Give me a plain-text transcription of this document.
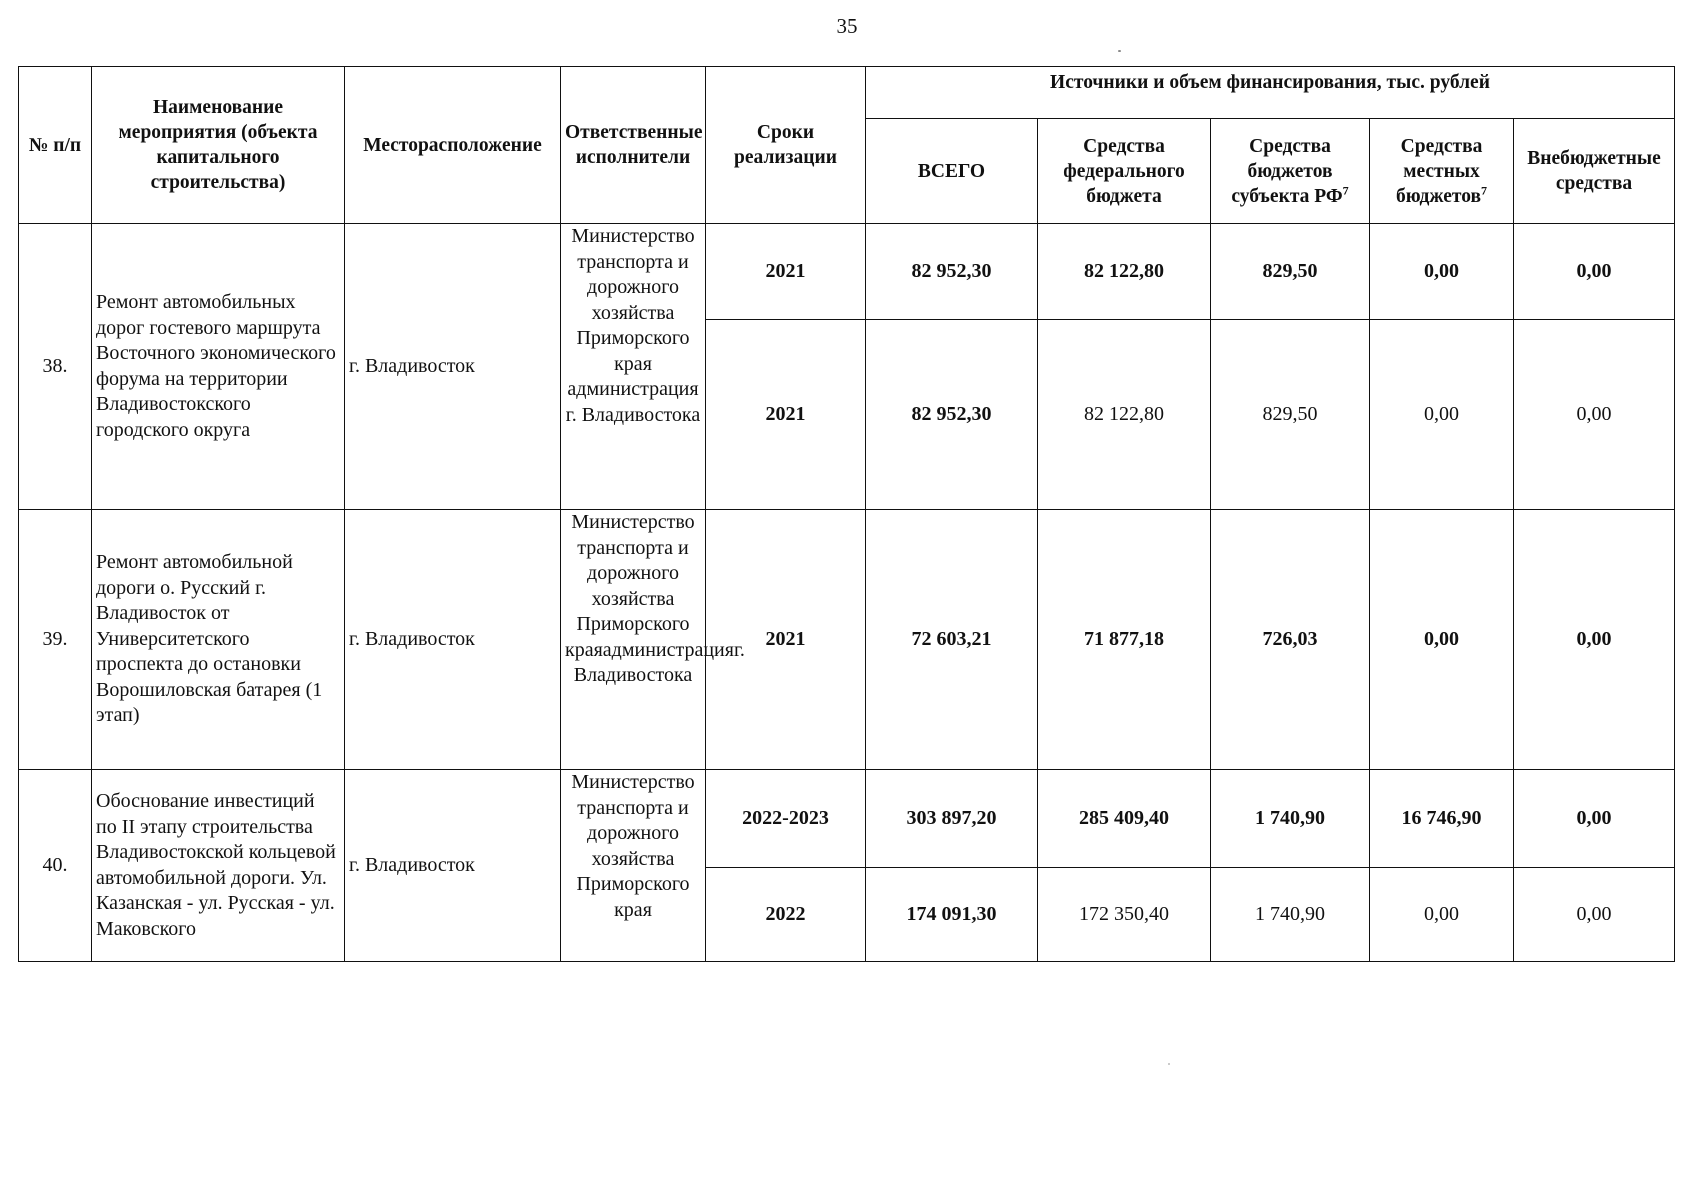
35
№ п/п	Наименование мероприятия (объекта капитального строительства)	Месторасположение	Ответственные исполнители	Сроки реализации	Источники и объем финансирования, тыс. рублей				
					ВСЕГО	Средства федерального бюджета	Средства бюджетов субъекта $РФ^7$	Средства местных бюджетов$^7$	Внебюджетные средства
38.	Ремонт автомобильных дорог гостевого маршрута Восточного экономического форума на территории Владивостокского городского округа	г. Владивосток	Министерство транспорта и дорожного хозяйства Приморского края администрация г. Владивостока	2021	82 952,30	82 122,80	829,50	0,00	0,00
				2021	82 952,30	82 122,80	829,50	0,00	0,00
39.	Ремонт автомобильной дороги о. Русский г. Владивосток от Университетского проспекта до остановки Ворошиловская батарея (1 этап)	г. Владивосток	Министерство транспорта и дорожного хозяйства Приморского краяадминистрацияг. Владивостока	2021	72 603,21	71 877,18	726,03	0,00	0,00
40.	Обоснование инвестиций по II этапу строительства Владивостокской кольцевой автомобильной дороги. Ул. Казанская - ул. Русская - ул. Маковского	г. Владивосток	Министерство транспорта и дорожного хозяйства Приморского края	2022-2023	303 897,20	285 409,40	1 740,90	16 746,90	0,00
				2022	174 091,30	172 350,40	1 740,90	0,00	0,00
